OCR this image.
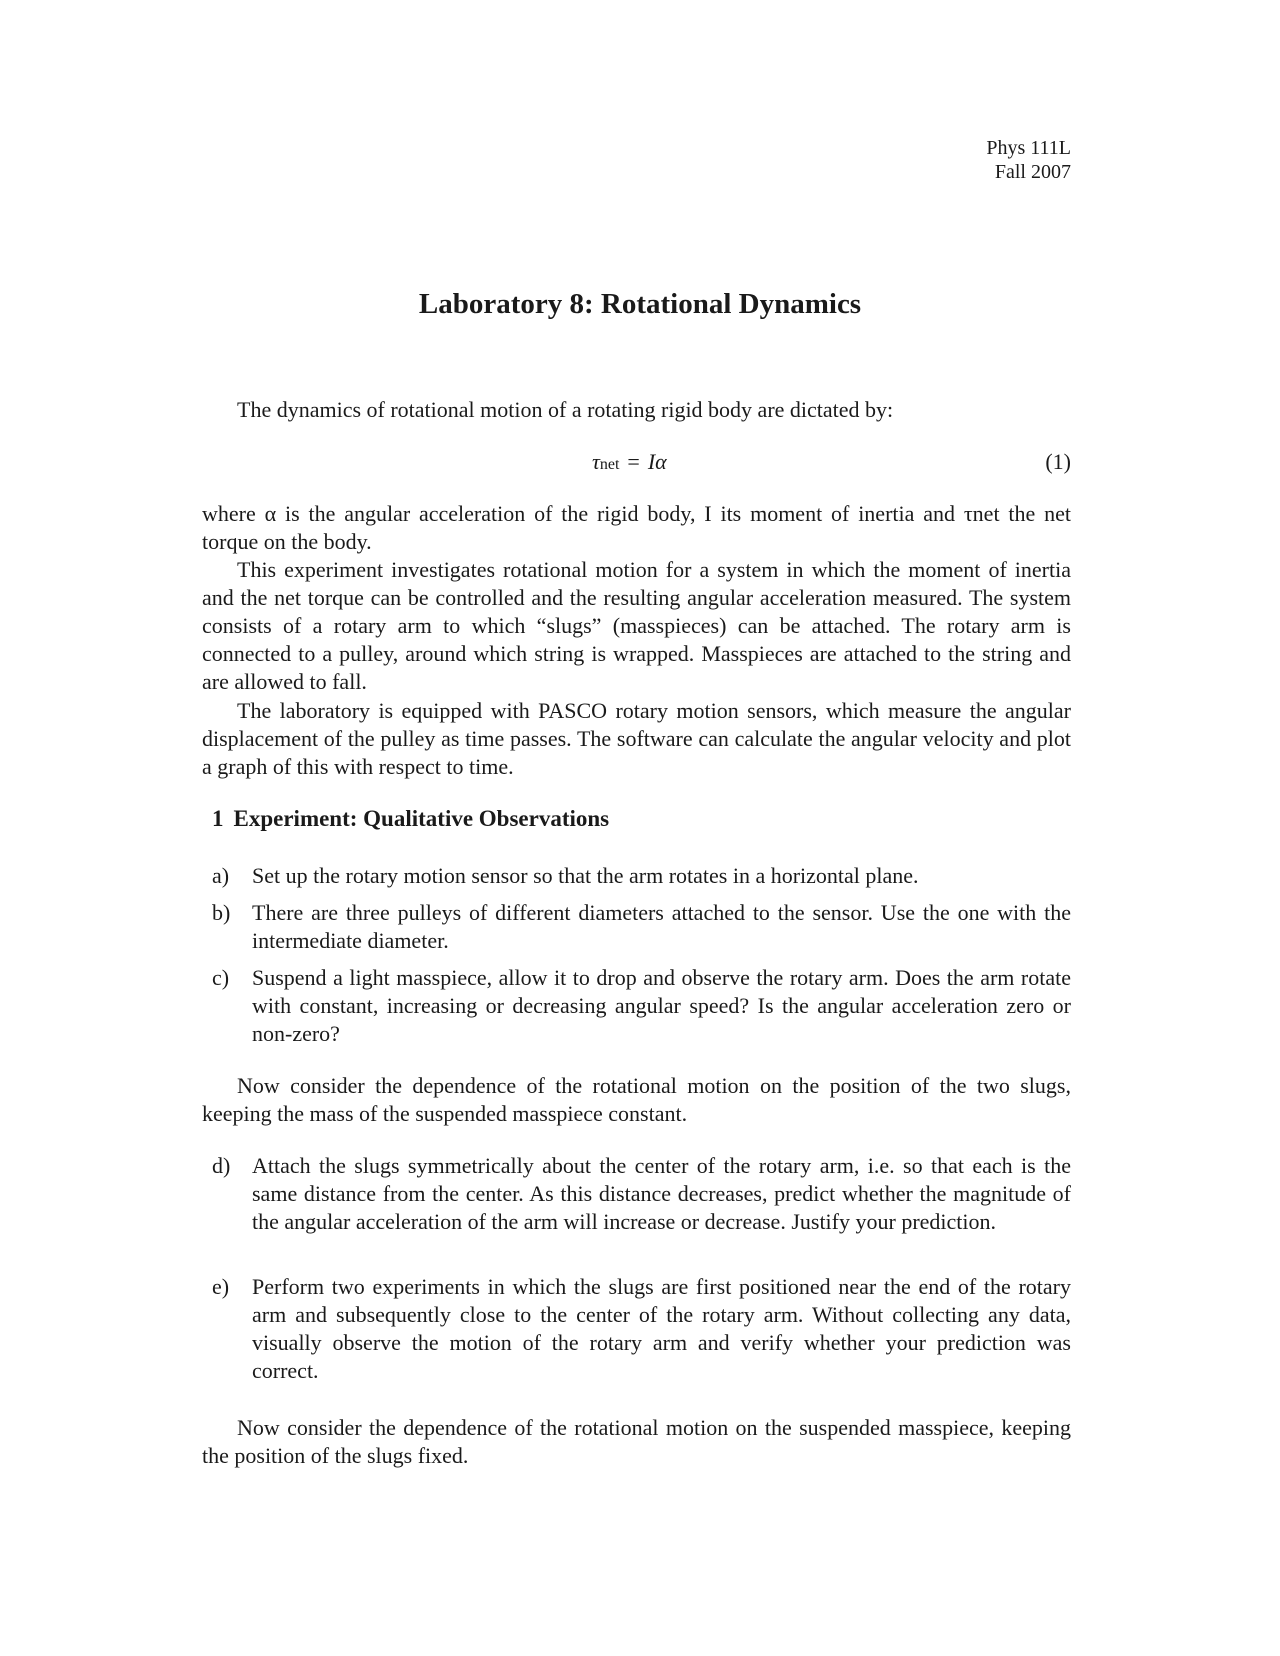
Phys 111L
Fall 2007
Laboratory 8: Rotational Dynamics
The dynamics of rotational motion of a rotating rigid body are dictated by:
τnet = Iα	(1)
where α is the angular acceleration of the rigid body, I its moment of inertia and τnet the net torque on the body.
This experiment investigates rotational motion for a system in which the moment of inertia and the net torque can be controlled and the resulting angular acceleration measured. The system consists of a rotary arm to which “slugs” (masspieces) can be attached. The rotary arm is connected to a pulley, around which string is wrapped. Masspieces are attached to the string and are allowed to fall.
The laboratory is equipped with PASCO rotary motion sensors, which measure the angular displacement of the pulley as time passes. The software can calculate the angular velocity and plot a graph of this with respect to time.
1 Experiment: Qualitative Observations
a) Set up the rotary motion sensor so that the arm rotates in a horizontal plane.
b) There are three pulleys of different diameters attached to the sensor. Use the one with the intermediate diameter.
c) Suspend a light masspiece, allow it to drop and observe the rotary arm. Does the arm rotate with constant, increasing or decreasing angular speed? Is the angular acceleration zero or non-zero?
Now consider the dependence of the rotational motion on the position of the two slugs, keeping the mass of the suspended masspiece constant.
d) Attach the slugs symmetrically about the center of the rotary arm, i.e. so that each is the same distance from the center. As this distance decreases, predict whether the magnitude of the angular acceleration of the arm will increase or decrease. Justify your prediction.
e) Perform two experiments in which the slugs are first positioned near the end of the rotary arm and subsequently close to the center of the rotary arm. Without collecting any data, visually observe the motion of the rotary arm and verify whether your prediction was correct.
Now consider the dependence of the rotational motion on the suspended masspiece, keeping the position of the slugs fixed.
